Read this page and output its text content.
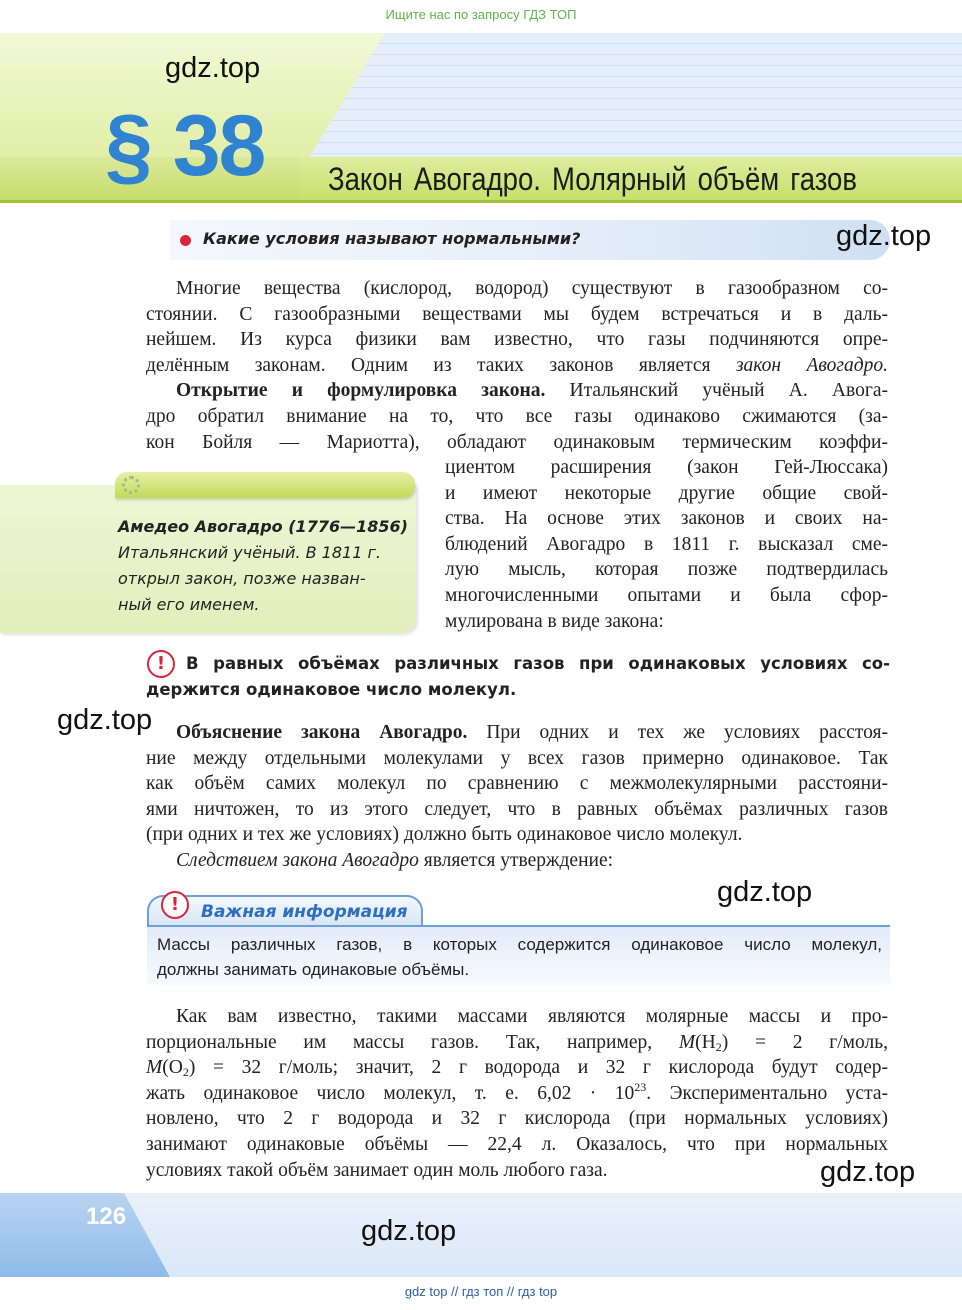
Ищите нас по запросу ГДЗ ТОП
§ 38 Закон Авогадро. Молярный объём газов
gdz.top
Какие условия называют нормальными?	gdz.top
Многие вещества (кислород, водород) существуют в газообразном со-
стоянии. С газообразными веществами мы будем встречаться и в даль-
нейшем. Из курса физики вам известно, что газы подчиняются опре-
делённым законам. Одним из таких законов является закон Авогадро.
Открытие и формулировка закона. Итальянский учёный А. Авога-
дро обратил внимание на то, что все газы одинаково сжимаются (за-
кон Бойля — Мариотта), обладают одинаковым термическим коэффи-
циентом расширения (закон Гей-Люссака)
и имеют некоторые другие общие свой-
ства. На основе этих законов и своих на-
блюдений Авогадро в 1811 г. высказал сме-
лую мысль, которая позже подтвердилась
многочисленными опытами и была сфор-
мулирована в виде закона:
Амедео Авогадро (1776—1856)
Итальянский учёный. В 1811 г.
открыл закон, позже назван-
ный его именем.
!	В равных объёмах различных газов при одинаковых условиях со-
держится одинаковое число молекул.
gdz.top	Объяснение закона Авогадро. При одних и тех же условиях расстоя-
ние между отдельными молекулами у всех газов примерно одинаковое. Так
как объём самих молекул по сравнению с межмолекулярными расстояни-
ями ничтожен, то из этого следует, что в равных объёмах различных газов
(при одних и тех же условиях) должно быть одинаковое число молекул.
Следствием закона Авогадро является утверждение:
gdz.top
Важная информация
!
Массы различных газов, в которых содержится одинаковое число молекул,
должны занимать одинаковые объёмы.
Как вам известно, такими массами являются молярные массы и про-
порциональные им массы газов. Так, например, $M(H_2) = 2$ г/моль,
$M(O_2) = 32$ г/моль; значит, 2 г водорода и 32 г кислорода будут содер-
жать одинаковое число молекул, т. е. $6,02 \cdot 10^{23}$. Экспериментально уста-
новлено, что 2 г водорода и 32 г кислорода (при нормальных условиях)
занимают одинаковые объёмы — 22,4 л. Оказалось, что при нормальных
условиях такой объём занимает один моль любого газа.	gdz.top
126	gdz.top
gdz top // гдз топ // гдз top
